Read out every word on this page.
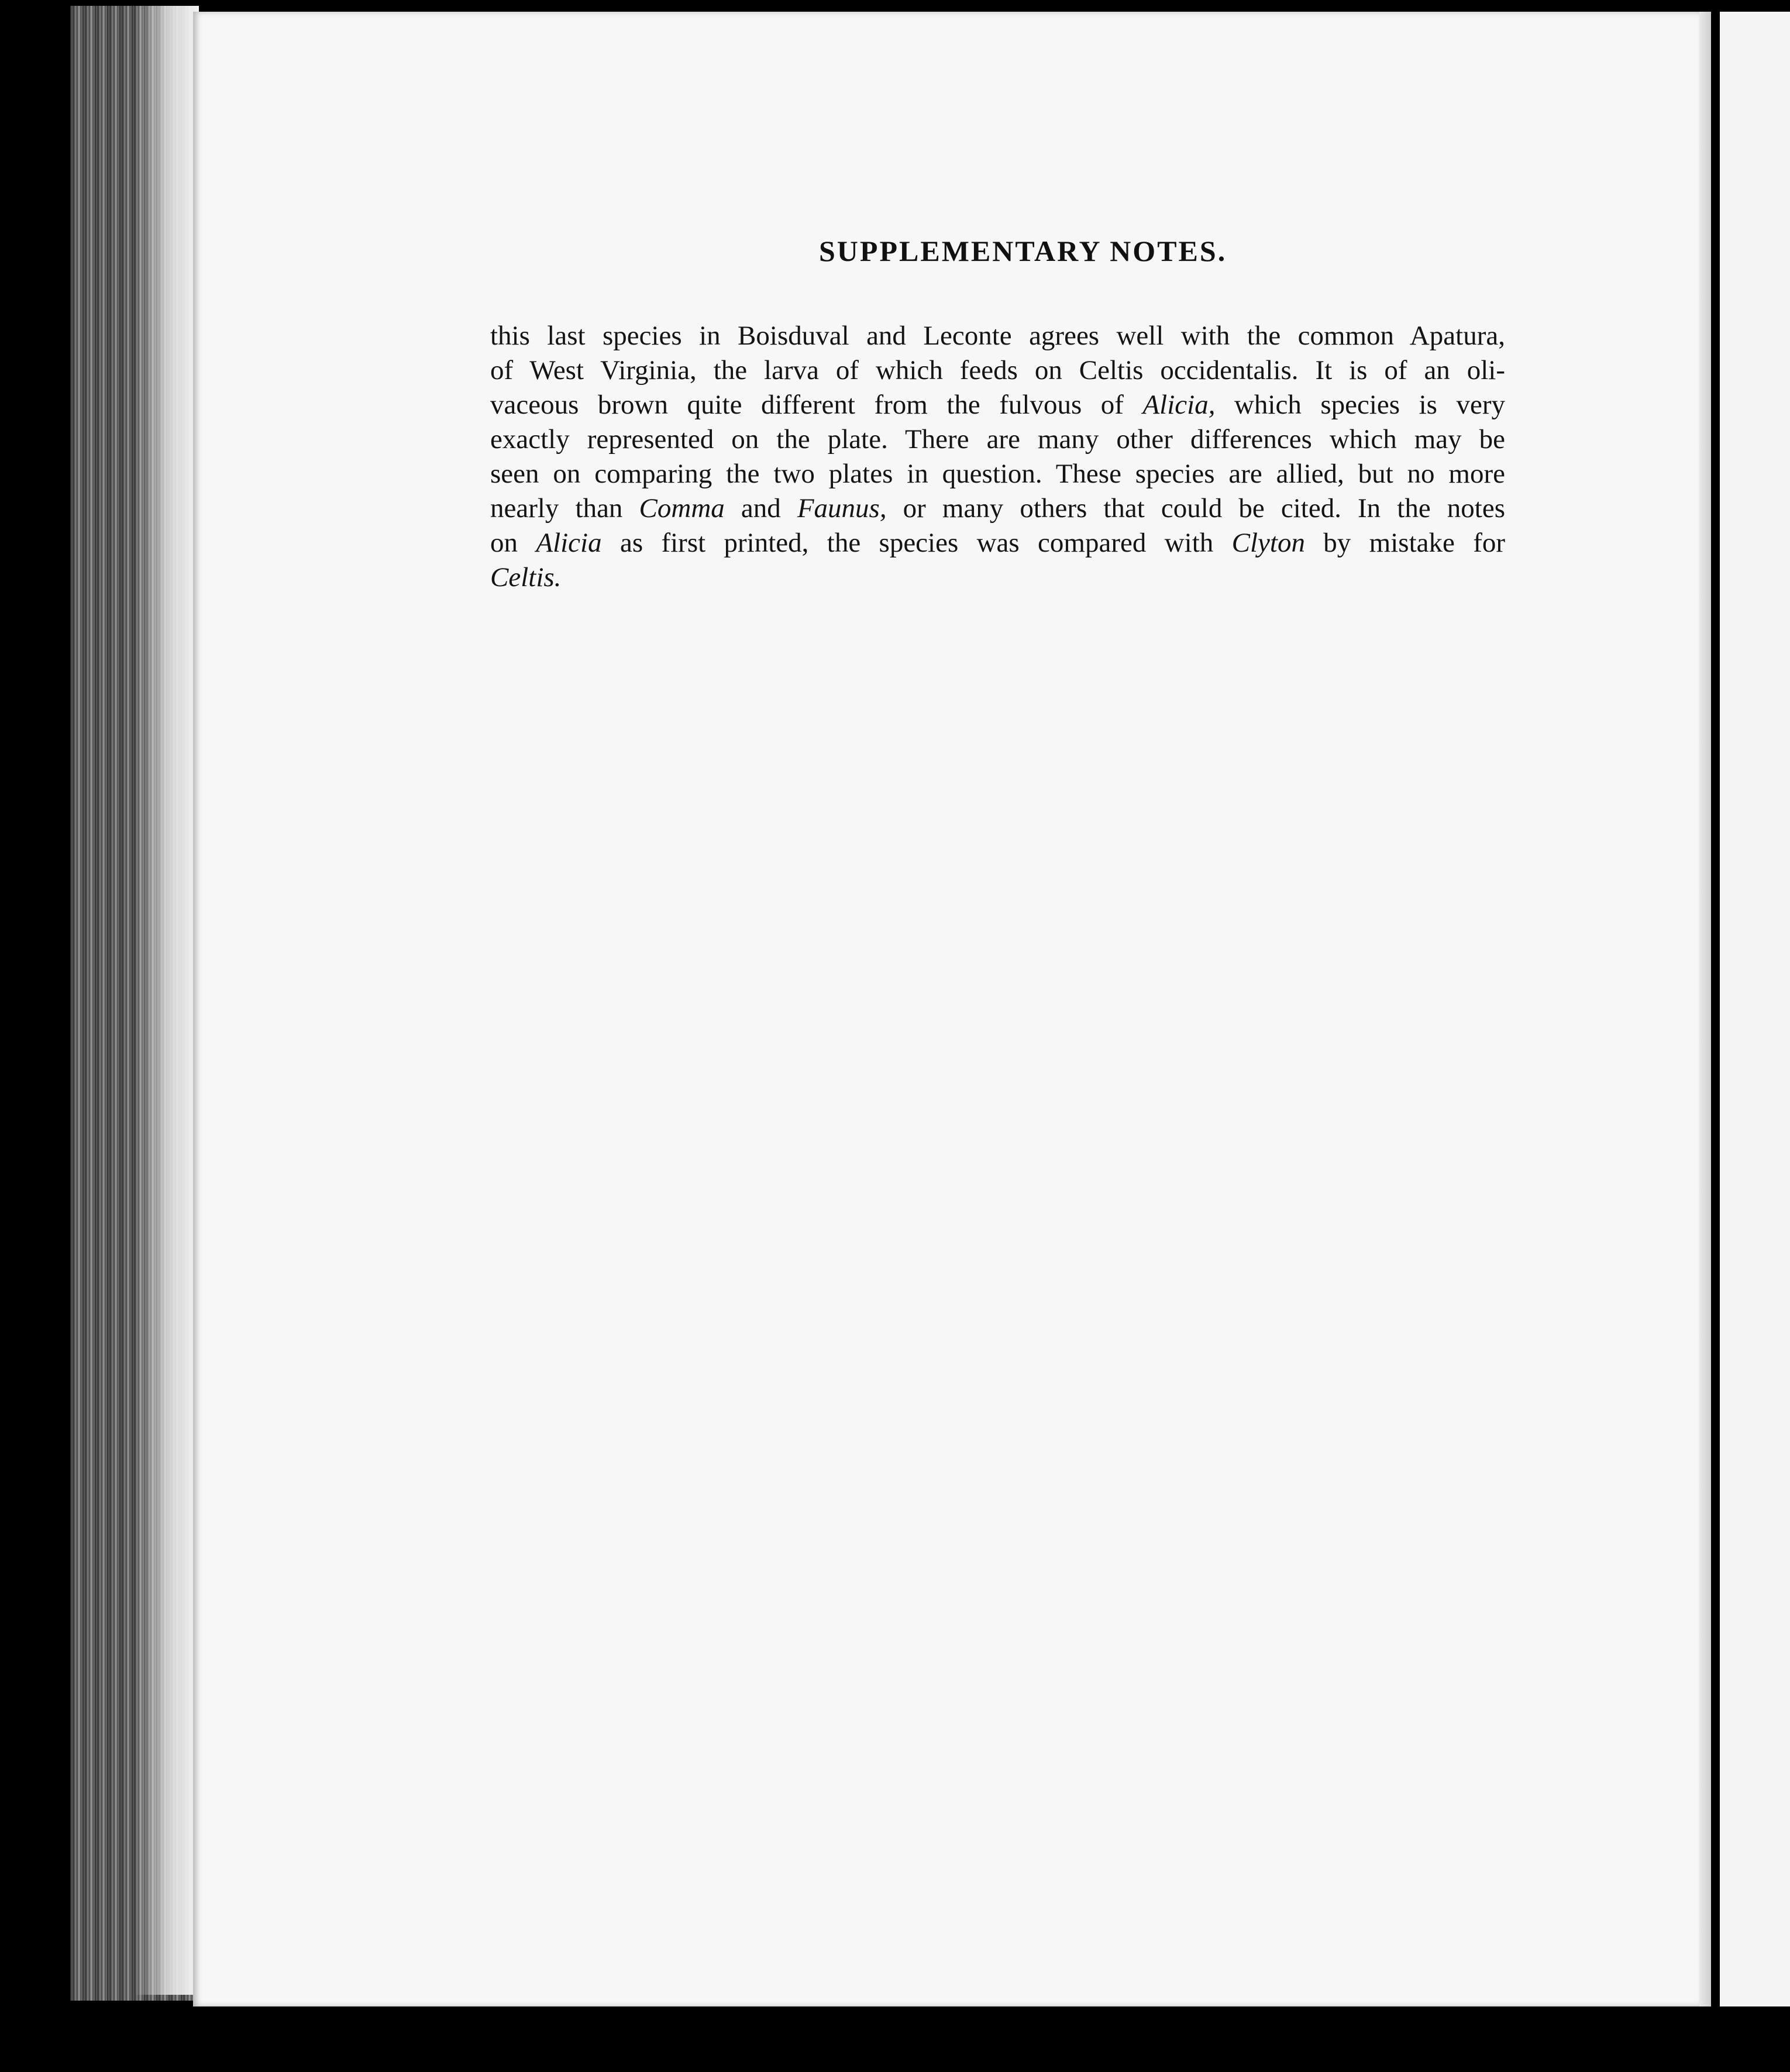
SUPPLEMENTARY NOTES.
this last species in Boisduval and Leconte agrees well with the common Apatura,
of West Virginia, the larva of which feeds on Celtis occidentalis. It is of an oli-
vaceous brown quite different from the fulvous of Alicia, which species is very
exactly represented on the plate. There are many other differences which may be
seen on comparing the two plates in question. These species are allied, but no more
nearly than Comma and Faunus, or many others that could be cited. In the notes
on Alicia as first printed, the species was compared with Clyton by mistake for
Celtis.
